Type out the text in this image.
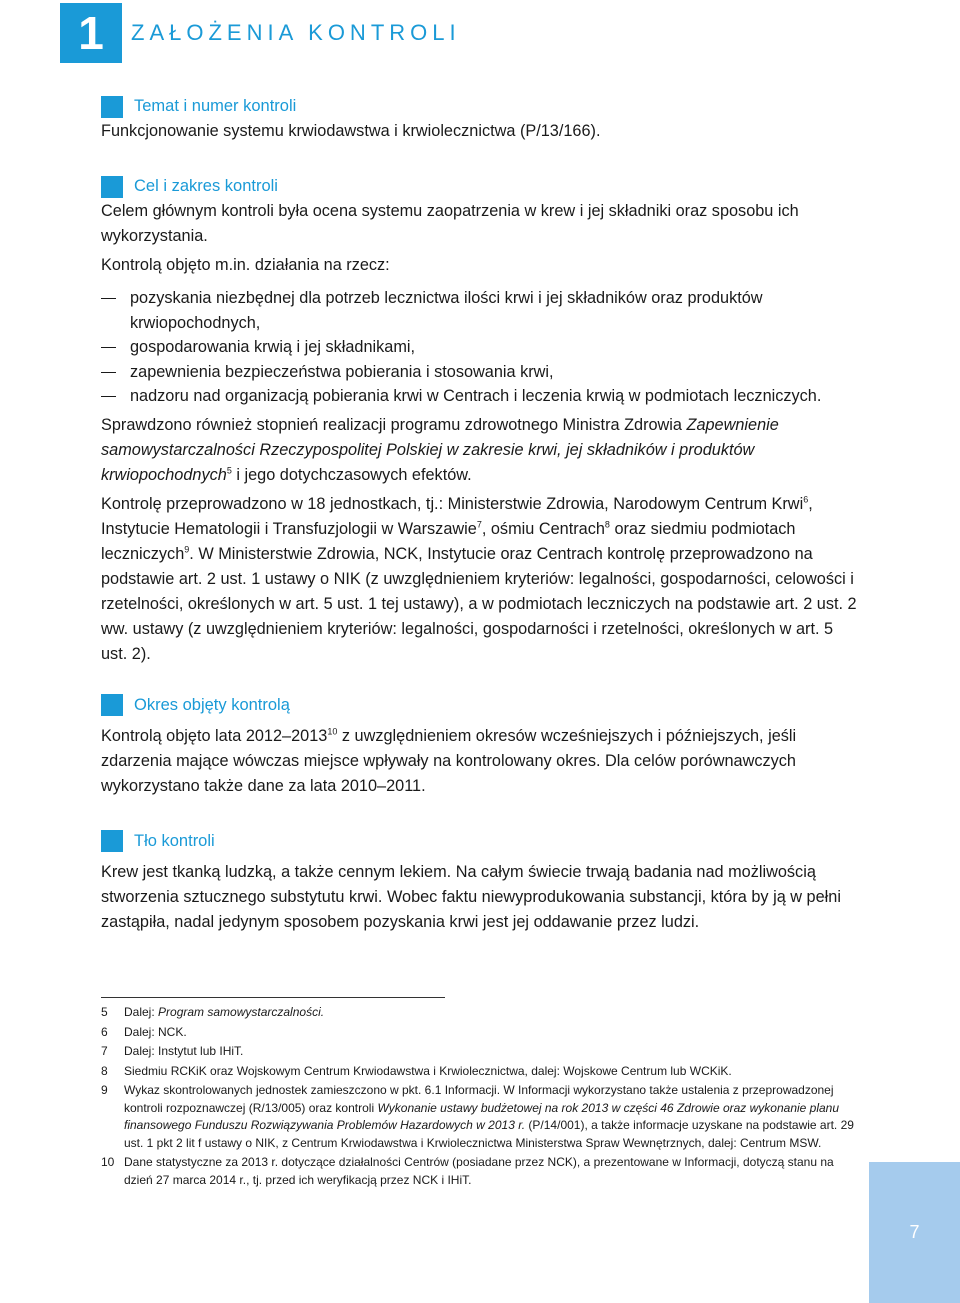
1 ZAŁOŻENIA KONTROLI
Temat i numer kontroli

Funkcjonowanie systemu krwiodawstwa i krwiolecznictwa (P/13/166).

Cel i zakres kontroli

Celem głównym kontroli była ocena systemu zaopatrzenia w krew i jej składniki oraz sposobu ich wykorzystania.

Kontrolą objęto m.in. działania na rzecz:

pozyskania niezbędnej dla potrzeb lecznictwa ilości krwi i jej składników oraz produktów krwiopochodnych,
gospodarowania krwią i jej składnikami,
zapewnienia bezpieczeństwa pobierania i stosowania krwi,
nadzoru nad organizacją pobierania krwi w Centrach i leczenia krwią w podmiotach leczniczych.

Sprawdzono również stopnień realizacji programu zdrowotnego Ministra Zdrowia Zapewnienie samowystarczalności Rzeczypospolitej Polskiej w zakresie krwi, jej składników i produktów krwiopochodnych$^5$ i jego dotychczasowych efektów.

Kontrolę przeprowadzono w 18 jednostkach, tj.: Ministerstwie Zdrowia, Narodowym Centrum Krwi$^6$, Instytucie Hematologii i Transfuzjologii w Warszawie$^7$, ośmiu Centrach$^8$ oraz siedmiu podmiotach leczniczych$^9$. W Ministerstwie Zdrowia, NCK, Instytucie oraz Centrach kontrolę przeprowadzono na podstawie art. 2 ust. 1 ustawy o NIK (z uwzględnieniem kryteriów: legalności, gospodarności, celowości i rzetelności, określonych w art. 5 ust. 1 tej ustawy), a w podmiotach leczniczych na podstawie art. 2 ust. 2 ww. ustawy (z uwzględnieniem kryteriów: legalności, gospodarności i rzetelności, określonych w art. 5 ust. 2).

Okres objęty kontrolą

Kontrolą objęto lata 2012–2013$^{10}$ z uwzględnieniem okresów wcześniejszych i późniejszych, jeśli zdarzenia mające wówczas miejsce wpływały na kontrolowany okres. Dla celów porównawczych wykorzystano także dane za lata 2010–2011.

Tło kontroli

Krew jest tkanką ludzką, a także cennym lekiem. Na całym świecie trwają badania nad możliwością stworzenia sztucznego substytutu krwi. Wobec faktu niewyprodukowania substancji, która by ją w pełni zastąpiła, nadal jedynym sposobem pozyskania krwi jest jej oddawanie przez ludzi.

5	Dalej: Program samowystarczalności.
6	Dalej: NCK.
7	Dalej: Instytut lub IHiT.
8	Siedmiu RCKiK oraz Wojskowym Centrum Krwiodawstwa i Krwiolecznictwa, dalej: Wojskowe Centrum lub WCKiK.
9	Wykaz skontrolowanych jednostek zamieszczono w pkt. 6.1 Informacji. W Informacji wykorzystano także ustalenia z przeprowadzonej kontroli rozpoznawczej (R/13/005) oraz kontroli Wykonanie ustawy budżetowej na rok 2013 w części 46 Zdrowie oraz wykonanie planu finansowego Funduszu Rozwiązywania Problemów Hazardowych w 2013 r. (P/14/001), a także informacje uzyskane na podstawie art. 29 ust. 1 pkt 2 lit f ustawy o NIK, z Centrum Krwiodawstwa i Krwiolecznictwa Ministerstwa Spraw Wewnętrznych, dalej: Centrum MSW.
10 Dane statystyczne za 2013 r. dotyczące działalności Centrów (posiadane przez NCK), a prezentowane w Informacji, dotyczą stanu na dzień 27 marca 2014 r., tj. przed ich weryfikacją przez NCK i IHiT.
7
